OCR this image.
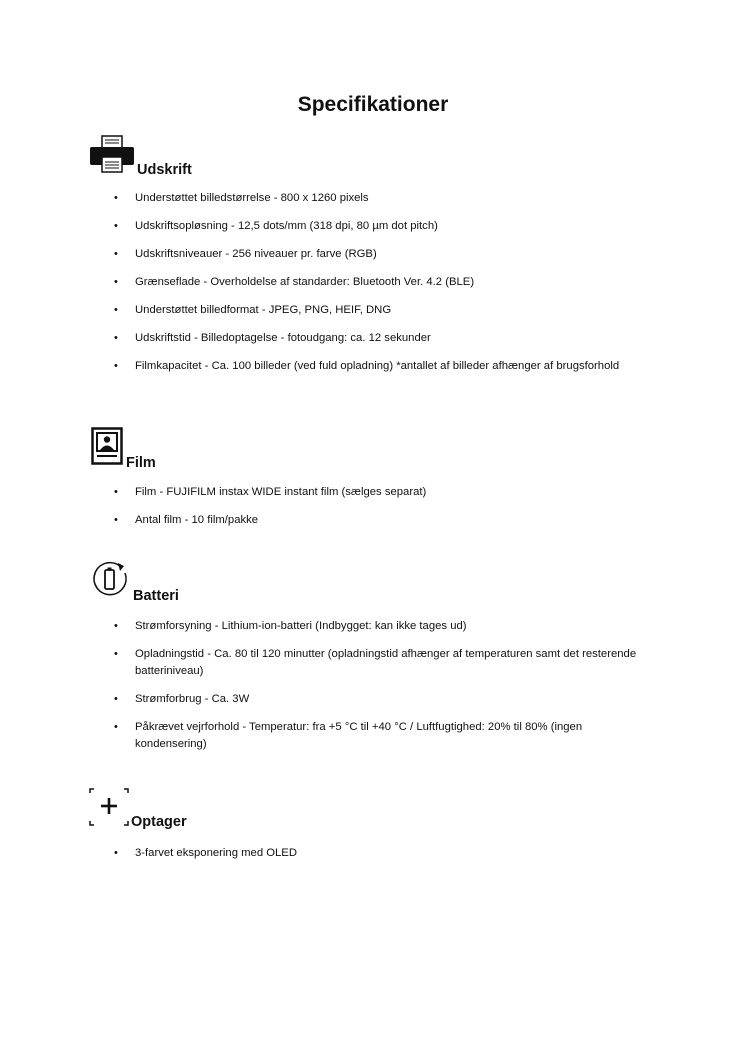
Specifikationer
Udskrift
• Understøttet billedstørrelse - 800 x 1260 pixels
• Udskriftsopløsning - 12,5 dots/mm (318 dpi, 80 µm dot pitch)
• Udskriftsniveauer - 256 niveauer pr. farve (RGB)
• Grænseflade - Overholdelse af standarder: Bluetooth Ver. 4.2 (BLE)
• Understøttet billedformat - JPEG, PNG, HEIF, DNG
• Udskriftstid - Billedoptagelse - fotoudgang: ca. 12 sekunder
• Filmkapacitet - Ca. 100 billeder (ved fuld opladning) *antallet af billeder afhænger af brugsforhold
Film
• Film - FUJIFILM instax WIDE instant film (sælges separat)
• Antal film - 10 film/pakke
Batteri
• Strømforsyning - Lithium-ion-batteri (Indbygget: kan ikke tages ud)
• Opladningstid - Ca. 80 til 120 minutter (opladningstid afhænger af temperaturen samt det resterende batteriniveau)
• Strømforbrug - Ca. 3W
• Påkrævet vejrforhold - Temperatur: fra +5 °C til +40 °C / Luftfugtighed: 20% til 80% (ingen kondensering)
Optager
• 3-farvet eksponering med OLED
